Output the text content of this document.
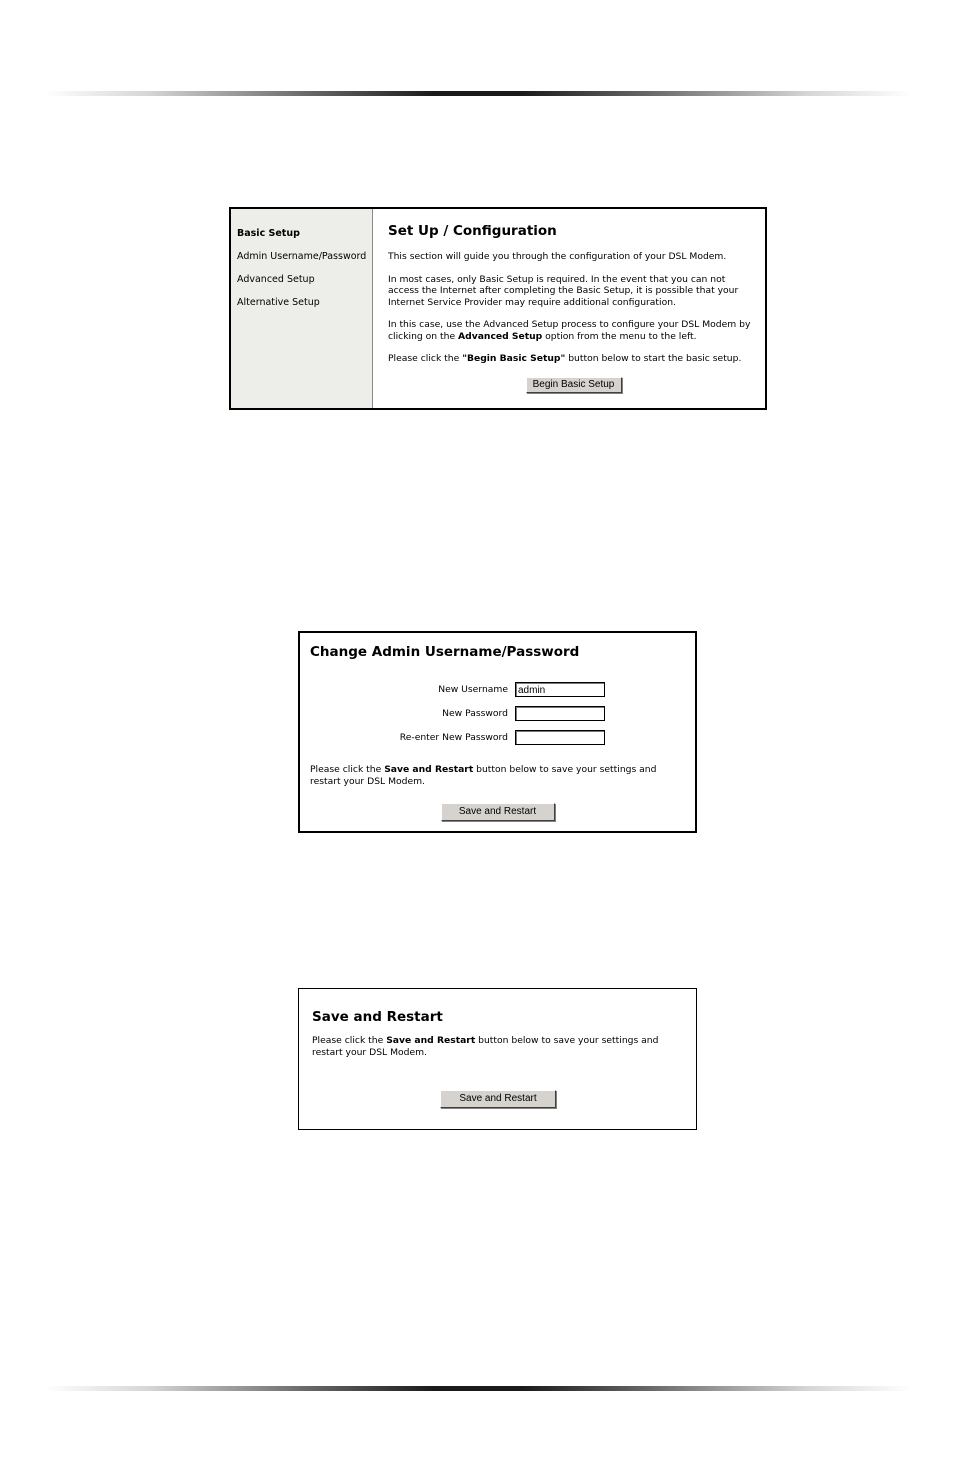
Basic Setup
Admin Username/Password
Advanced Setup
Alternative Setup
Set Up / Configuration

This section will guide you through the configuration of your DSL Modem.

In most cases, only Basic Setup is required. In the event that you can not access the Internet after completing the Basic Setup, it is possible that your Internet Service Provider may require additional configuration.

In this case, use the Advanced Setup process to configure your DSL Modem by clicking on the Advanced Setup option from the menu to the left.

Please click the "Begin Basic Setup" button below to start the basic setup.

Begin Basic Setup
Change Admin Username/Password
New Username	admin
New Password
Re-enter New Password

Please click the Save and Restart button below to save your settings and restart your DSL Modem.

Save and Restart
Save and Restart

Please click the Save and Restart button below to save your settings and restart your DSL Modem.

Save and Restart
